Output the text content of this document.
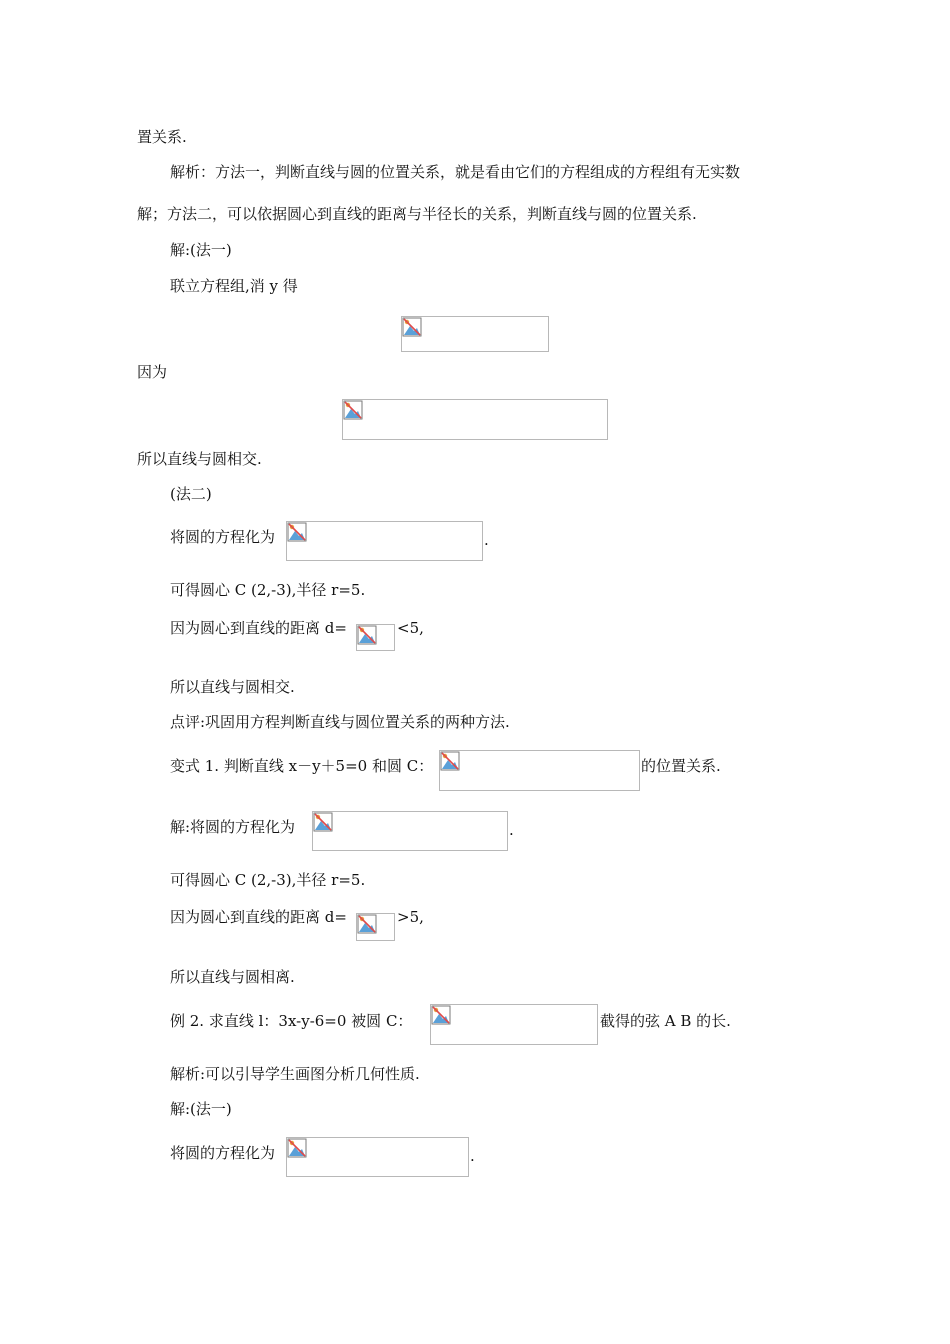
置关系.
解析：方法一，判断直线与圆的位置关系，就是看由它们的方程组成的方程组有无实数
解；方法二，可以依据圆心到直线的距离与半径长的关系，判断直线与圆的位置关系.
解:(法一)
联立方程组,消 y 得
因为
所以直线与圆相交.
(法二)
将圆的方程化为	.
可得圆心 C (2,-3),半径 r=5.
因为圆心到直线的距离 d=	<5,
所以直线与圆相交.
点评:巩固用方程判断直线与圆位置关系的两种方法.
变式 1. 判断直线 x－y＋5=0 和圆 C：	的位置关系.
解:将圆的方程化为	.
可得圆心 C (2,-3),半径 r=5.
因为圆心到直线的距离 d=	>5,
所以直线与圆相离.
例 2. 求直线 l：3x-y-6=0 被圆 C：	截得的弦 A B 的长.
解析:可以引导学生画图分析几何性质.
解:(法一)
将圆的方程化为	.
